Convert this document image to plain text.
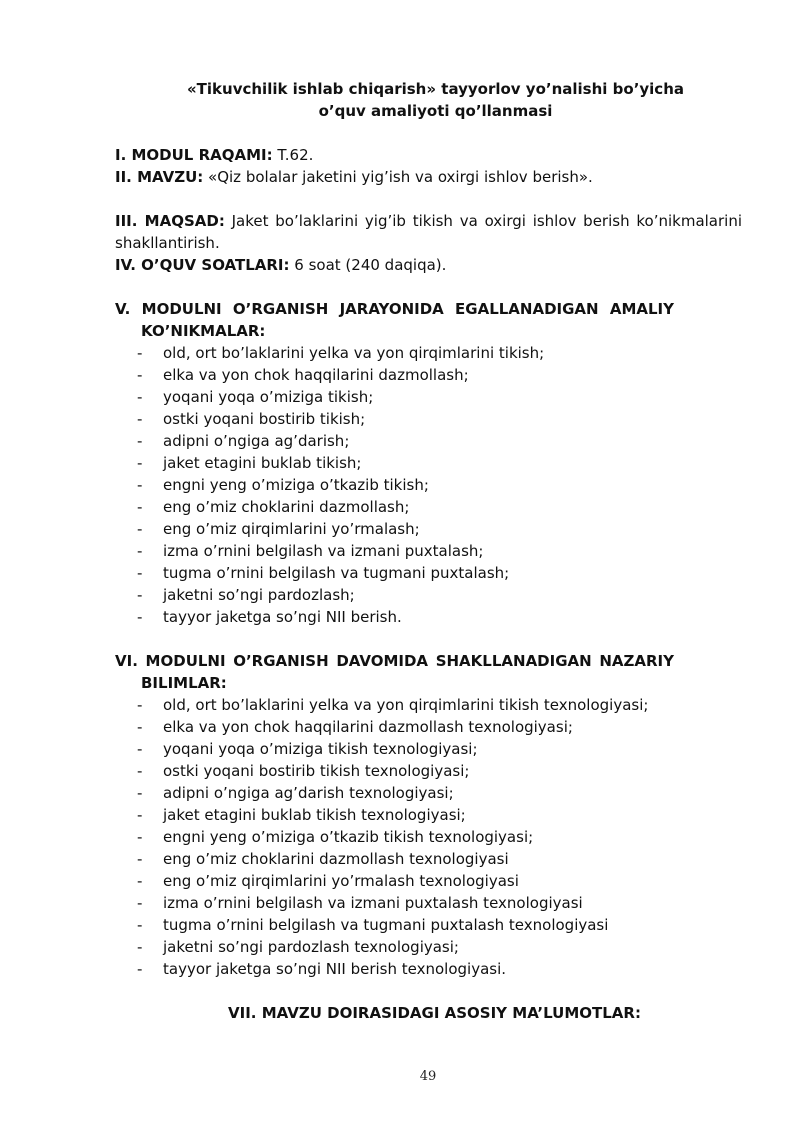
«Tikuvchilik ishlab chiqarish» tayyorlov yo’nalishi bo’yicha
o’quv amaliyoti qo’llanmasi
I. MODUL RAQAMI: T.62.
II. MAVZU: «Qiz bolalar jaketini yig’ish va oxirgi ishlov berish».
III. MAQSAD: Jaket bo’laklarini yig’ib tikish va oxirgi ishlov berish ko’nikmalarini
shakllantirish.
IV. O’QUV SOATLARI: 6 soat (240 daqiqa).
V. MODULNI O’RGANISH JARAYONIDA EGALLANADIGAN AMALIY
KO’NIKMALAR:
- old, ort bo’laklarini yelka va yon qirqimlarini tikish;
- elka va yon chok haqqilarini dazmollash;
- yoqani yoqa o’miziga tikish;
- ostki yoqani bostirib tikish;
- adipni o’ngiga ag’darish;
- jaket etagini buklab tikish;
- engni yeng o’miziga o’tkazib tikish;
- eng o’miz choklarini dazmollash;
- eng o’miz qirqimlarini yo’rmalash;
- izma o’rnini belgilash va izmani puxtalash;
- tugma o’rnini belgilash va tugmani puxtalash;
- jaketni so’ngi pardozlash;
- tayyor jaketga so’ngi NII berish.
VI. MODULNI O’RGANISH DAVOMIDA SHAKLLANADIGAN NAZARIY
BILIMLAR:
- old, ort bo’laklarini yelka va yon qirqimlarini tikish texnologiyasi;
- elka va yon chok haqqilarini dazmollash texnologiyasi;
- yoqani yoqa o’miziga tikish texnologiyasi;
- ostki yoqani bostirib tikish texnologiyasi;
- adipni o’ngiga ag’darish texnologiyasi;
- jaket etagini buklab tikish texnologiyasi;
- engni yeng o’miziga o’tkazib tikish texnologiyasi;
- eng o’miz choklarini dazmollash texnologiyasi
- eng o’miz qirqimlarini yo’rmalash texnologiyasi
- izma o’rnini belgilash va izmani puxtalash texnologiyasi
- tugma o’rnini belgilash va tugmani puxtalash texnologiyasi
- jaketni so’ngi pardozlash texnologiyasi;
- tayyor jaketga so’ngi NII berish texnologiyasi.
VII. MAVZU DOIRASIDAGI ASOSIY MA’LUMOTLAR:
49
